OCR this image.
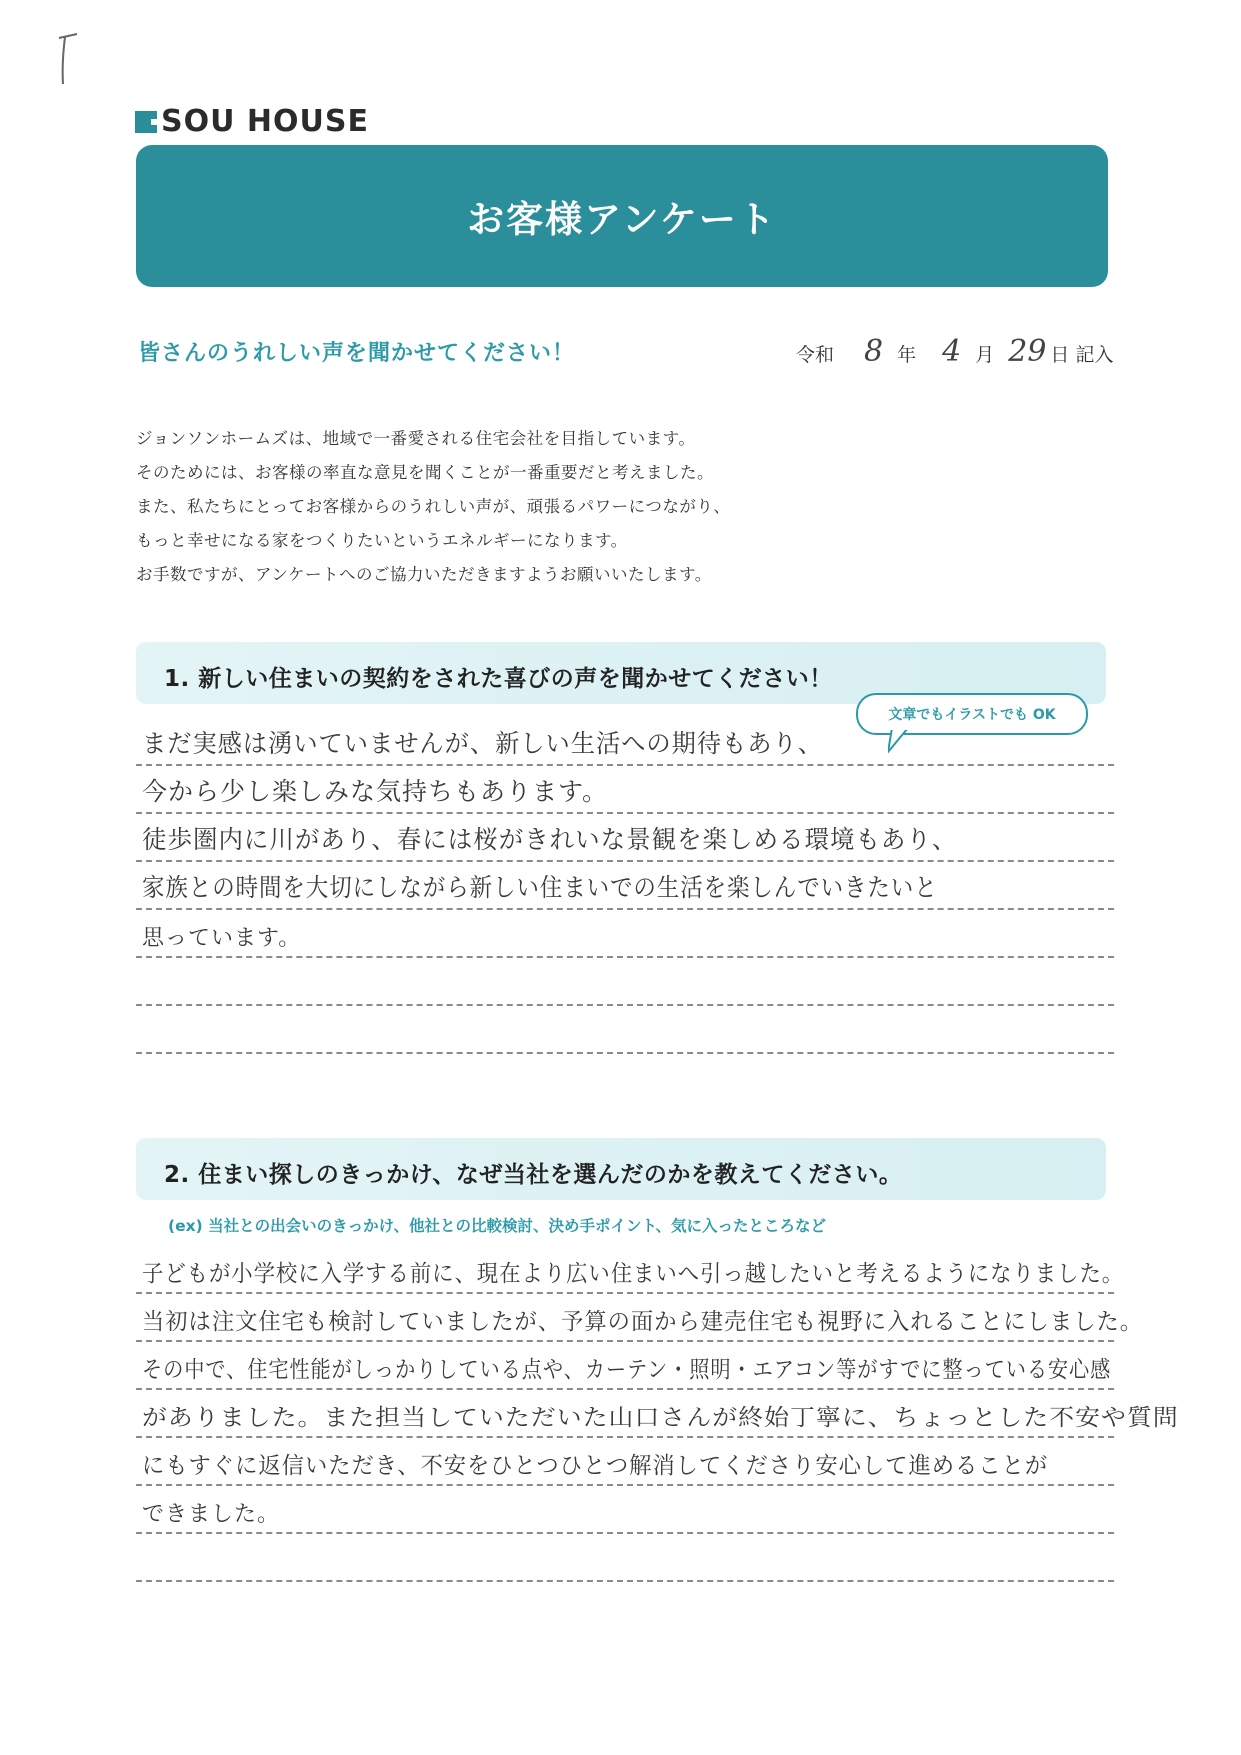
SOU HOUSE
お客様アンケート
皆さんのうれしい声を聞かせてください！	令和 8 年 4 月 29 日 記入
ジョンソンホームズは、地域で一番愛される住宅会社を目指しています。
そのためには、お客様の率直な意見を聞くことが一番重要だと考えました。
また、私たちにとってお客様からのうれしい声が、頑張るパワーにつながり、
もっと幸せになる家をつくりたいというエネルギーになります。
お手数ですが、アンケートへのご協力いただきますようお願いいたします。
1. 新しい住まいの契約をされた喜びの声を聞かせてください！
文章でもイラストでも OK
まだ実感は湧いていませんが、新しい生活への期待もあり、
今から少し楽しみな気持ちもあります。
徒歩圏内に川があり、春には桜がきれいな景観を楽しめる環境もあり、
家族との時間を大切にしながら新しい住まいでの生活を楽しんでいきたいと
思っています。
2. 住まい探しのきっかけ、なぜ当社を選んだのかを教えてください。
(ex) 当社との出会いのきっかけ、他社との比較検討、決め手ポイント、気に入ったところなど
子どもが小学校に入学する前に、現在より広い住まいへ引っ越したいと考えるようになりました。
当初は注文住宅も検討していましたが、予算の面から建売住宅も視野に入れることにしました。
その中で、住宅性能がしっかりしている点や、カーテン・照明・エアコン等がすでに整っている安心感
がありました。また担当していただいた山口さんが終始丁寧に、ちょっとした不安や質問
にもすぐに返信いただき、不安をひとつひとつ解消してくださり安心して進めることが
できました。
